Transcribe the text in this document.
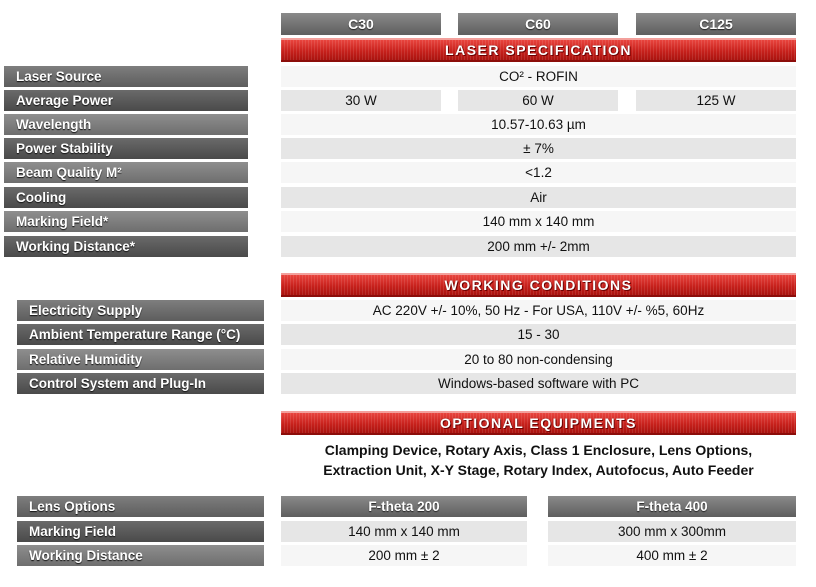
C30	C60	C125
LASER SPECIFICATION
Laser Source	CO² - ROFIN
Average Power	30 W	60 W	125 W
Wavelength	10.57-10.63 µm
Power Stability	± 7%
Beam Quality M²	<1.2
Cooling	Air
Marking Field*	140 mm x 140 mm
Working Distance*	200 mm +/- 2mm
WORKING CONDITIONS
Electricity Supply	AC 220V +/- 10%, 50 Hz - For USA, 110V +/- %5, 60Hz
Ambient Temperature Range (°C)	15 - 30
Relative Humidity	20 to 80 non-condensing
Control System and Plug-In	Windows-based software with PC
OPTIONAL EQUIPMENTS
Clamping Device, Rotary Axis, Class 1 Enclosure, Lens Options,
Extraction Unit, X-Y Stage, Rotary Index, Autofocus, Auto Feeder
Lens Options	F-theta 200	F-theta 400
Marking Field	140 mm x 140 mm	300 mm x 300mm
Working Distance	200 mm ± 2	400 mm ± 2
